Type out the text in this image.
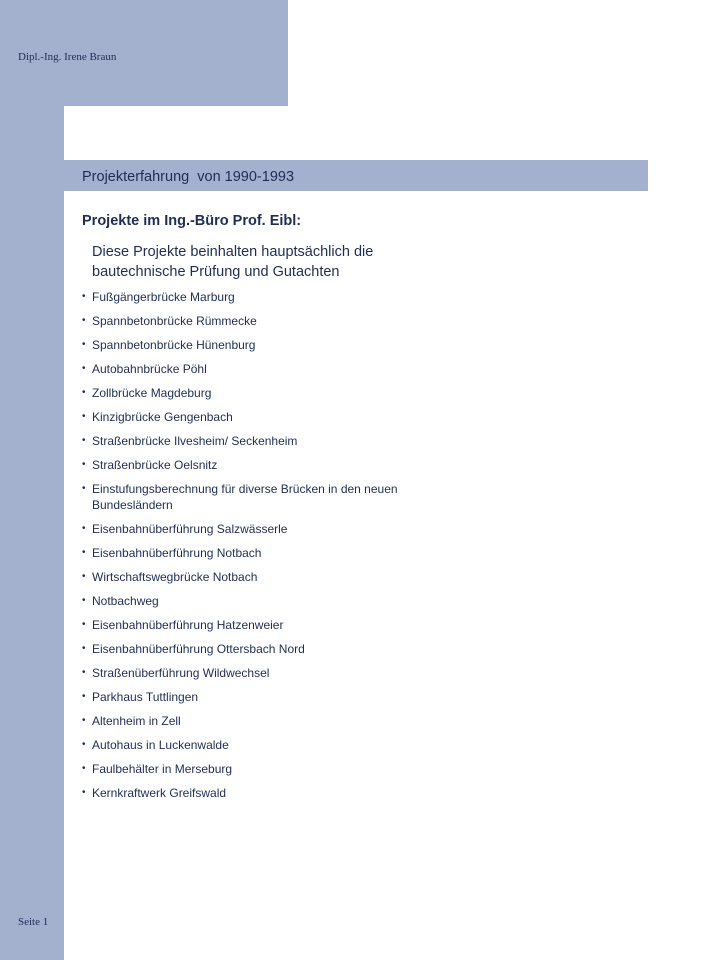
Dipl.-Ing. Irene Braun
Projekterfahrung  von 1990-1993
Projekte im Ing.-Büro Prof. Eibl:
Diese Projekte beinhalten hauptsächlich die
bautechnische Prüfung und Gutachten
• Fußgängerbrücke Marburg
• Spannbetonbrücke Rümmecke
• Spannbetonbrücke Hünenburg
• Autobahnbrücke Pöhl
• Zollbrücke Magdeburg
• Kinzigbrücke Gengenbach
• Straßenbrücke Ilvesheim/ Seckenheim
• Straßenbrücke Oelsnitz
• Einstufungsberechnung für diverse Brücken in den neuen Bundesländern
• Eisenbahnüberführung Salzwässerle
• Eisenbahnüberführung Notbach
• Wirtschaftswegbrücke Notbach
• Notbachweg
• Eisenbahnüberführung Hatzenweier
• Eisenbahnüberführung Ottersbach Nord
• Straßenüberführung Wildwechsel
• Parkhaus Tuttlingen
• Altenheim in Zell
• Autohaus in Luckenwalde
• Faulbehälter in Merseburg
• Kernkraftwerk Greifswald
Seite 1
